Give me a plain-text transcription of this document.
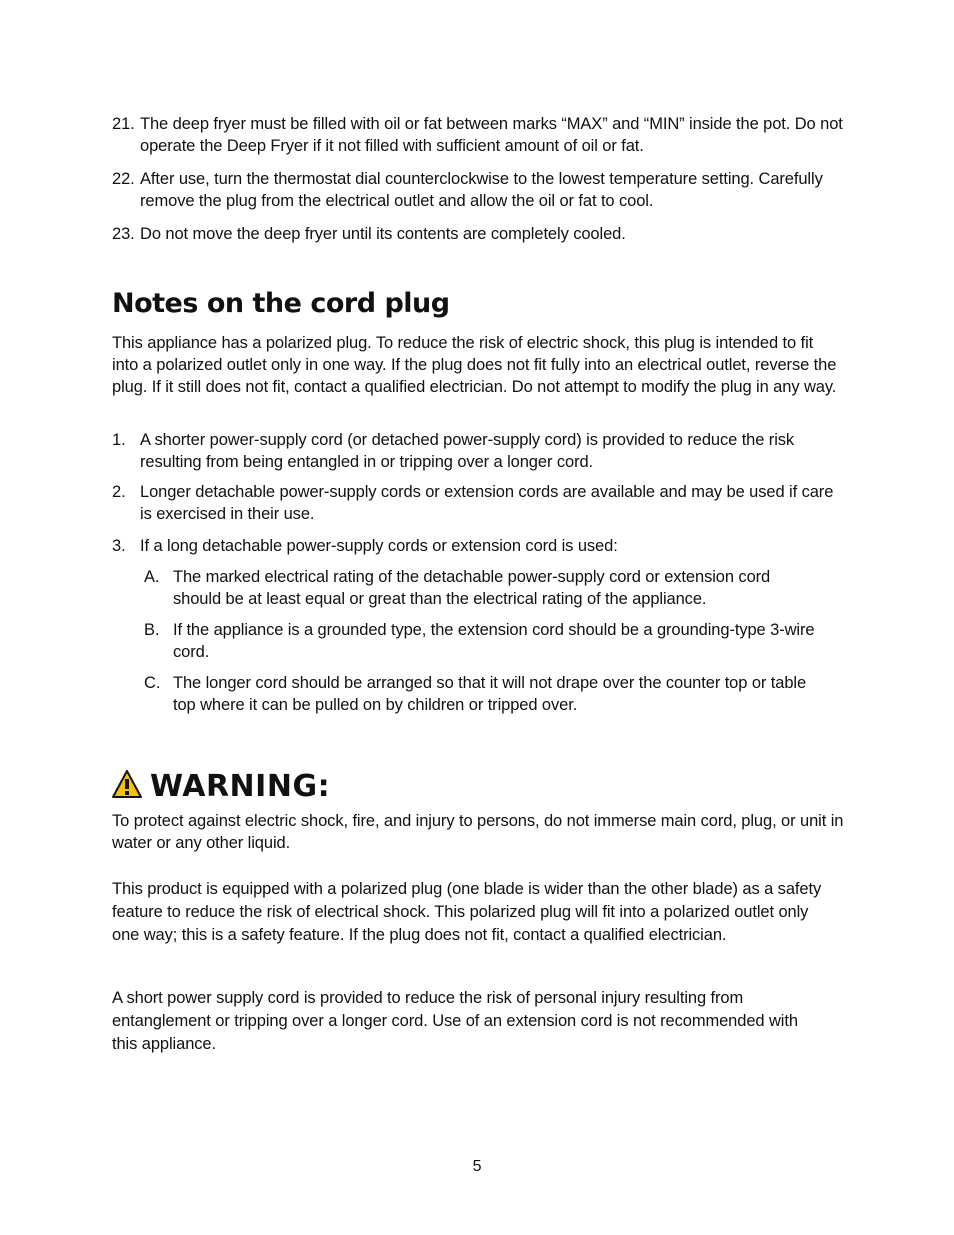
21. The deep fryer must be filled with oil or fat between marks “MAX” and “MIN” inside the pot. Do not operate the Deep Fryer if it not filled with sufficient amount of oil or fat.
22. After use, turn the thermostat dial counterclockwise to the lowest temperature setting. Carefully remove the plug from the electrical outlet and allow the oil or fat to cool.
23. Do not move the deep fryer until its contents are completely cooled.
Notes on the cord plug
This appliance has a polarized plug. To reduce the risk of electric shock, this plug is intended to fit into a polarized outlet only in one way. If the plug does not fit fully into an electrical outlet, reverse the plug. If it still does not fit, contact a qualified electrician. Do not attempt to modify the plug in any way.
1. A shorter power-supply cord (or detached power-supply cord) is provided to reduce the risk resulting from being entangled in or tripping over a longer cord.
2. Longer detachable power-supply cords or extension cords are available and may be used if care is exercised in their use.
3. If a long detachable power-supply cords or extension cord is used:
A. The marked electrical rating of the detachable power-supply cord or extension cord should be at least equal or great than the electrical rating of the appliance.
B. If the appliance is a grounded type, the extension cord should be a grounding-type 3-wire cord.
C. The longer cord should be arranged so that it will not drape over the counter top or table top where it can be pulled on by children or tripped over.
WARNING:
To protect against electric shock, fire, and injury to persons, do not immerse main cord, plug, or unit in water or any other liquid.
This product is equipped with a polarized plug (one blade is wider than the other blade) as a safety feature to reduce the risk of electrical shock. This polarized plug will fit into a polarized outlet only one way; this is a safety feature. If the plug does not fit, contact a qualified electrician.
A short power supply cord is provided to reduce the risk of personal injury resulting from entanglement or tripping over a longer cord. Use of an extension cord is not recommended with this appliance.
5
